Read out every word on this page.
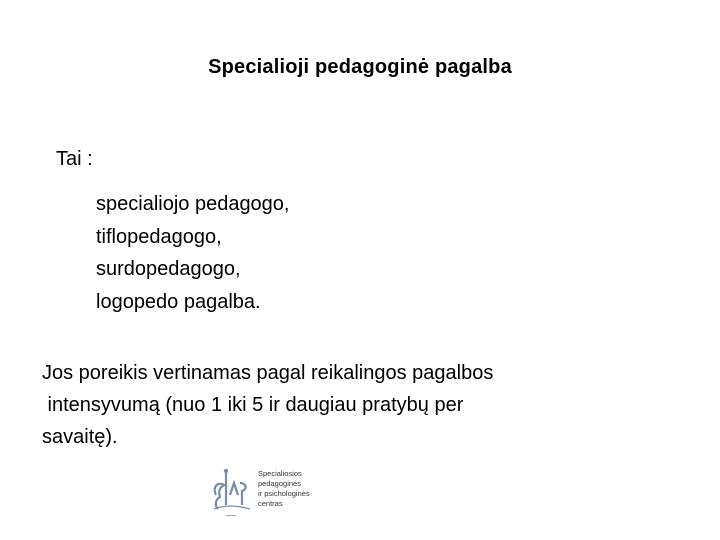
Specialioji pedagoginė pagalba
Tai :
specialiojo pedagogo,
tiflopedagogo,
surdopedagogo,
logopedo pagalba.

Jos poreikis vertinamas pagal reikalingos pagalbos
intensyvumą (nuo 1 iki 5 ir daugiau pratybų per
savaitę).

Specialiosios
pedagoginės
ir psichologinės
centras
